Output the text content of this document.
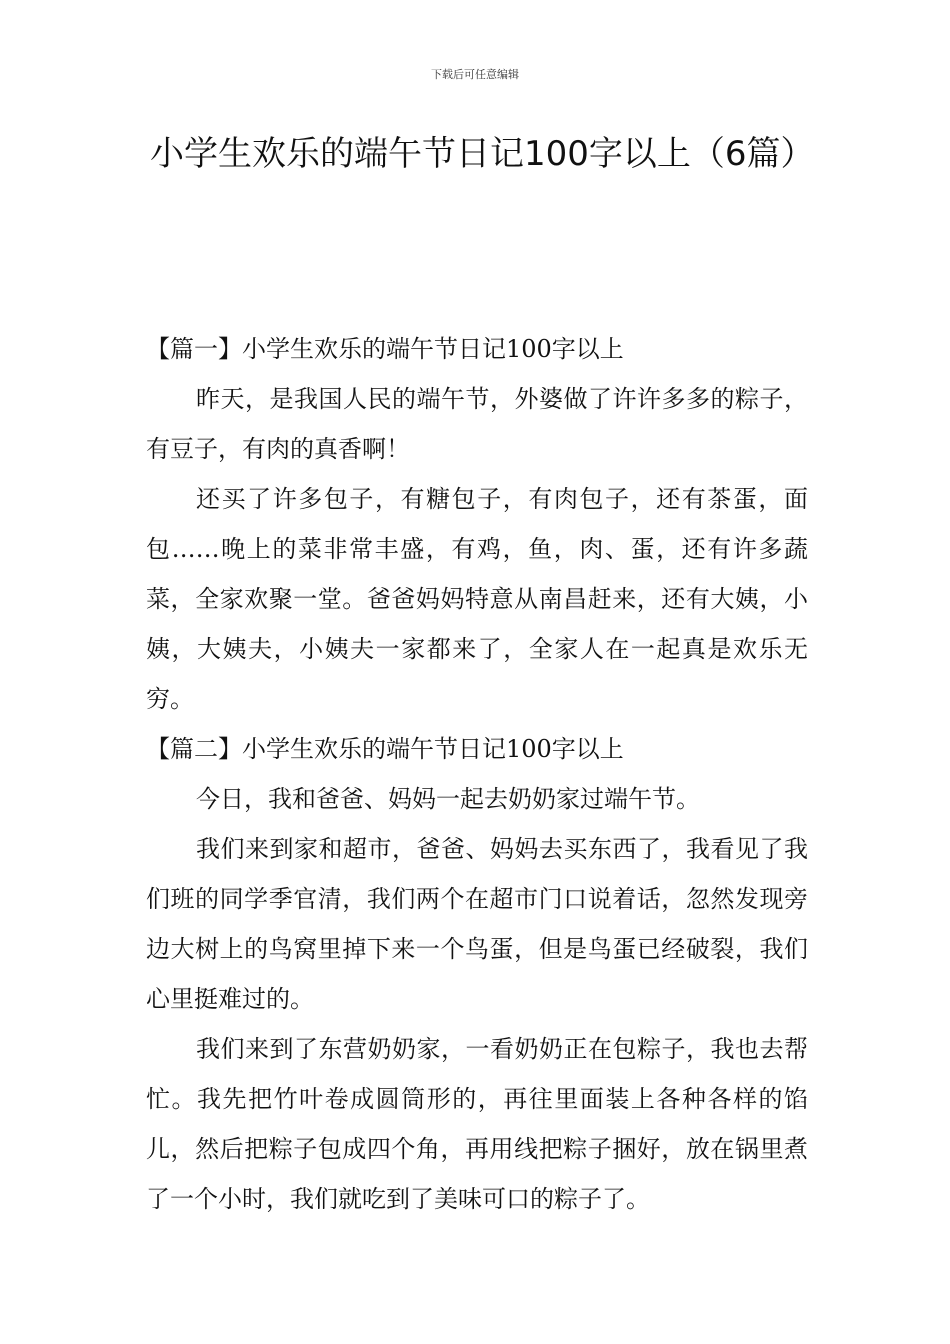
下载后可任意编辑
小学生欢乐的端午节日记100字以上（6篇）

【篇一】小学生欢乐的端午节日记100字以上

昨天，是我国人民的端午节，外婆做了许许多多的粽子，有豆子，有肉的真香啊！

还买了许多包子，有糖包子，有肉包子，还有茶蛋，面包……晚上的菜非常丰盛，有鸡，鱼，肉、蛋，还有许多蔬菜，全家欢聚一堂。爸爸妈妈特意从南昌赶来，还有大姨，小姨，大姨夫，小姨夫一家都来了，全家人在一起真是欢乐无穷。

【篇二】小学生欢乐的端午节日记100字以上

今日，我和爸爸、妈妈一起去奶奶家过端午节。

我们来到家和超市，爸爸、妈妈去买东西了，我看见了我们班的同学季官清，我们两个在超市门口说着话，忽然发现旁边大树上的鸟窝里掉下来一个鸟蛋，但是鸟蛋已经破裂，我们心里挺难过的。

我们来到了东营奶奶家，一看奶奶正在包粽子，我也去帮忙。我先把竹叶卷成圆筒形的，再往里面装上各种各样的馅儿，然后把粽子包成四个角，再用线把粽子捆好，放在锅里煮了一个小时，我们就吃到了美味可口的粽子了。
